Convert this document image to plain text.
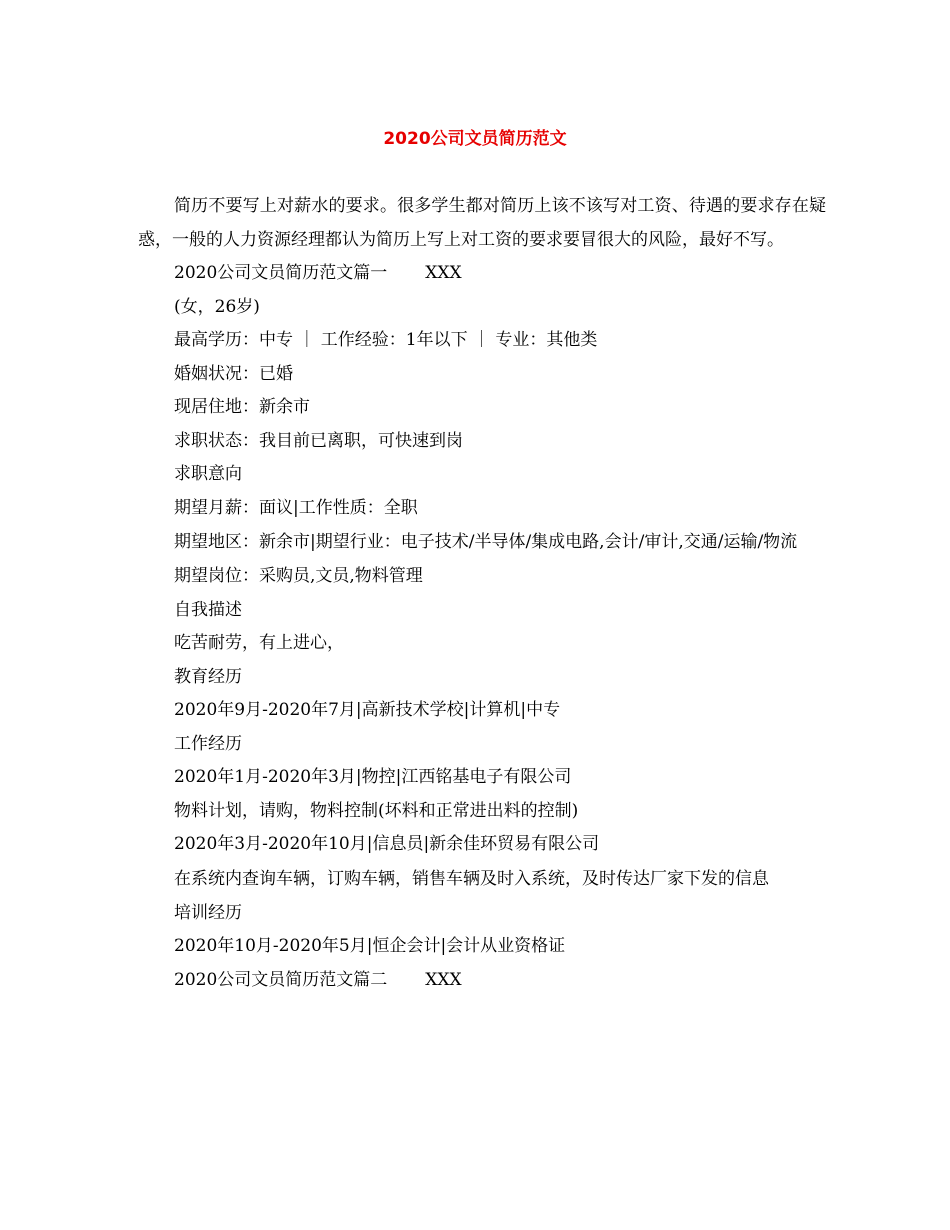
2020公司文员简历范文

简历不要写上对薪水的要求。很多学生都对简历上该不该写对工资、待遇的要求存在疑惑，一般的人力资源经理都认为简历上写上对工资的要求要冒很大的风险，最好不写。

2020公司文员简历范文篇一 XXX

(女，26岁)

最高学历：中专 ｜ 工作经验：1年以下 ｜ 专业：其他类

婚姻状况：已婚

现居住地：新余市

求职状态：我目前已离职，可快速到岗

求职意向

期望月薪：面议|工作性质：全职

期望地区：新余市|期望行业：电子技术/半导体/集成电路,会计/审计,交通/运输/物流

期望岗位：采购员,文员,物料管理

自我描述

吃苦耐劳，有上进心，

教育经历

2020年9月-2020年7月|高新技术学校|计算机|中专

工作经历

2020年1月-2020年3月|物控|江西铭基电子有限公司

物料计划，请购，物料控制(坏料和正常进出料的控制)

2020年3月-2020年10月|信息员|新余佳环贸易有限公司

在系统内查询车辆，订购车辆，销售车辆及时入系统，及时传达厂家下发的信息

培训经历

2020年10月-2020年5月|恒企会计|会计从业资格证

2020公司文员简历范文篇二 XXX
